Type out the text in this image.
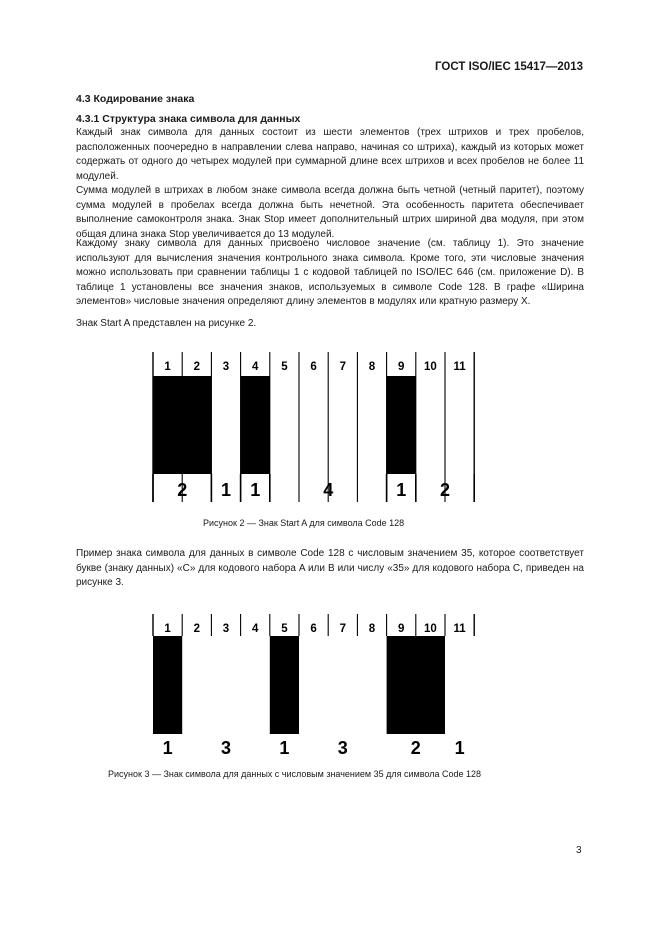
ГОСТ ISO/IEC 15417—2013
4.3 Кодирование знака
4.3.1 Структура знака символа для данных

Каждый знак символа для данных состоит из шести элементов (трех штрихов и трех пробелов, расположенных поочередно в направлении слева направо, начиная со штриха), каждый из которых может содержать от одного до четырех модулей при суммарной длине всех штрихов и всех пробелов не более 11 модулей.

Сумма модулей в штрихах в любом знаке символа всегда должна быть четной (четный паритет), поэтому сумма модулей в пробелах всегда должна быть нечетной. Эта особенность паритета обеспечивает выполнение самоконтроля знака. Знак Stop имеет дополнительный штрих шириной два модуля, при этом общая длина знака Stop увеличивается до 13 модулей.

Каждому знаку символа для данных присвоено числовое значение (см. таблицу 1). Это значение используют для вычисления значения контрольного знака символа. Кроме того, эти числовые значения можно использовать при сравнении таблицы 1 с кодовой таблицей по ISO/IEC 646 (см. приложение D). В таблице 1 установлены все значения знаков, используемых в символе Code 128. В графе «Ширина элементов» числовые значения определяют длину элементов в модулях или кратную размеру X.

Знак Start A представлен на рисунке 2.

1 2 3 4 5 6 7 8 9 10 11
2 1 1	4	1 2
Рисунок 2 — Знак Start A для символа Code 128

Пример знака символа для данных в символе Code 128 с числовым значением 35, которое соответствует букве (знаку данных) «С» для кодового набора A или B или числу «35» для кодового набора С, приведен на рисунке 3.

1 2 3 4 5 6 7 8 9 10 11
1	3	1	3	2 1
Рисунок 3 — Знак символа для данных с числовым значением 35 для символа Code 128
3
